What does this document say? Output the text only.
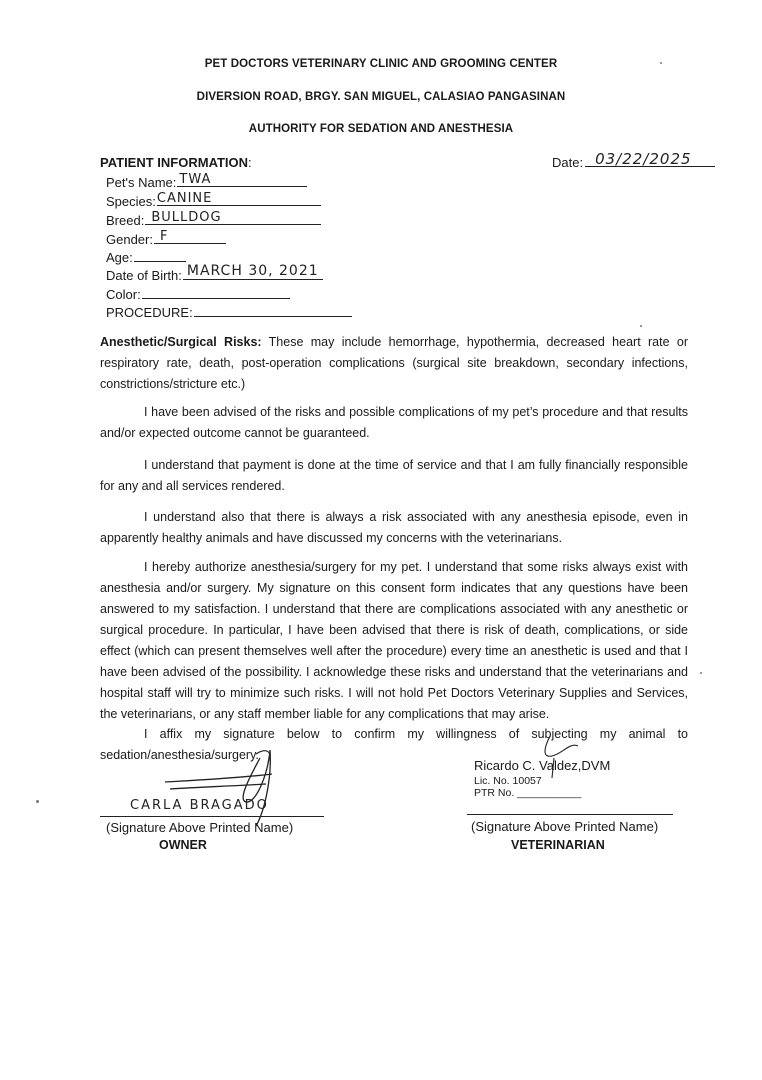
PET DOCTORS VETERINARY CLINIC AND GROOMING CENTER
DIVERSION ROAD, BRGY. SAN MIGUEL, CALASIAO PANGASINAN
AUTHORITY FOR SEDATION AND ANESTHESIA
PATIENT INFORMATION:	Date: 03/22/2025
Pet's Name: TWA
Species: CANINE
Breed: BULLDOG
Gender: F
Age:
Date of Birth: MARCH 30, 2021
Color:
PROCEDURE:
Anesthetic/Surgical Risks: These may include hemorrhage, hypothermia, decreased heart rate or respiratory rate, death, post-operation complications (surgical site breakdown, secondary infections, constrictions/stricture etc.)
I have been advised of the risks and possible complications of my pet’s procedure and that results and/or expected outcome cannot be guaranteed.
I understand that payment is done at the time of service and that I am fully financially responsible for any and all services rendered.
I understand also that there is always a risk associated with any anesthesia episode, even in apparently healthy animals and have discussed my concerns with the veterinarians.
I hereby authorize anesthesia/surgery for my pet. I understand that some risks always exist with anesthesia and/or surgery. My signature on this consent form indicates that any questions have been answered to my satisfaction. I understand that there are complications associated with any anesthetic or surgical procedure. In particular, I have been advised that there is risk of death, complications, or side effect (which can present themselves well after the procedure) every time an anesthetic is used and that I have been advised of the possibility. I acknowledge these risks and understand that the veterinarians and hospital staff will try to minimize such risks. I will not hold Pet Doctors Veterinary Supplies and Services, the veterinarians, or any staff member liable for any complications that may arise.
I affix my signature below to confirm my willingness of subjecting my animal to sedation/anesthesia/surgery.
CARLA BRAGADO
(Signature Above Printed Name)
OWNER
Ricardo C. Valdez,DVM
Lic. No. 10057
PTR No. ___________
(Signature Above Printed Name)
VETERINARIAN
